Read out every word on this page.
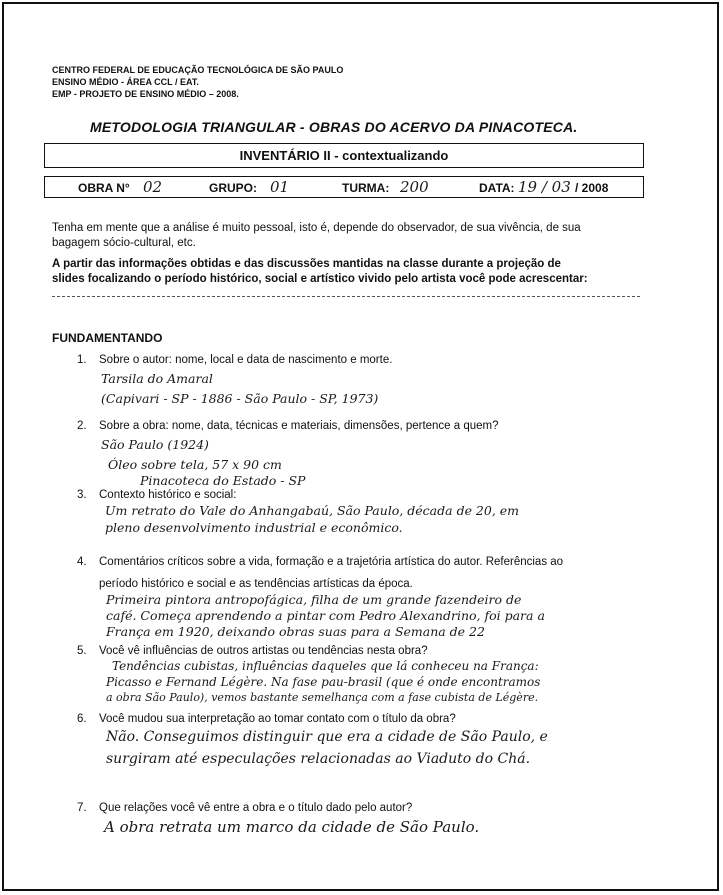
CENTRO FEDERAL DE EDUCAÇÃO TECNOLÓGICA DE SÃO PAULO
ENSINO MÉDIO - ÁREA CCL / EAT.
EMP - PROJETO DE ENSINO MÉDIO – 2008.
METODOLOGIA TRIANGULAR - OBRAS DO ACERVO DA PINACOTECA.
INVENTÁRIO II - contextualizando
OBRA N° 02	GRUPO: 01	TURMA: 200	DATA: 19 / 03 / 2008
Tenha em mente que a análise é muito pessoal, isto é, depende do observador, de sua vivência, de sua
bagagem sócio-cultural, etc.
A partir das informações obtidas e das discussões mantidas na classe durante a projeção de
slides focalizando o período histórico, social e artístico vivido pelo artista você pode acrescentar:
FUNDAMENTANDO
1. Sobre o autor: nome, local e data de nascimento e morte.
Tarsila do Amaral
(Capivari - SP - 1886 - São Paulo - SP, 1973)
2. Sobre a obra: nome, data, técnicas e materiais, dimensões, pertence a quem?
São Paulo (1924)
Óleo sobre tela, 57 x 90 cm
Pinacoteca do Estado - SP
3. Contexto histórico e social:
Um retrato do Vale do Anhangabaú, São Paulo, década de 20, em
pleno desenvolvimento industrial e econômico.
4. Comentários críticos sobre a vida, formação e a trajetória artística do autor. Referências ao
período histórico e social e as tendências artísticas da época.
Primeira pintora antropofágica, filha de um grande fazendeiro de
café. Começa aprendendo a pintar com Pedro Alexandrino, foi para a
França em 1920, deixando obras suas para a Semana de 22
5. Você vê influências de outros artistas ou tendências nesta obra?
Tendências cubistas, influências daqueles que lá conheceu na França:
Picasso e Fernand Légère. Na fase pau-brasil (que é onde encontramos
a obra São Paulo), vemos bastante semelhança com a fase cubista de Légère.
6. Você mudou sua interpretação ao tomar contato com o título da obra?
Não. Conseguimos distinguir que era a cidade de São Paulo, e
surgiram até especulações relacionadas ao Viaduto do Chá.
7. Que relações você vê entre a obra e o título dado pelo autor?
A obra retrata um marco da cidade de São Paulo.
